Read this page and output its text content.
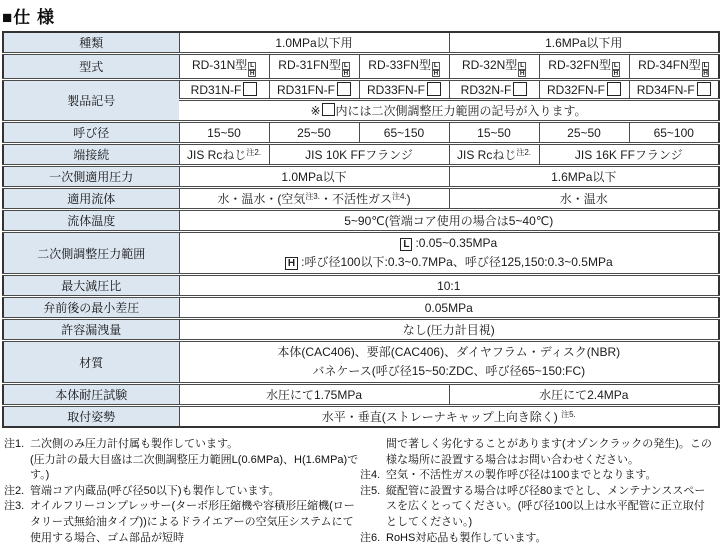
■仕 様
種類	1.0MPa以下用			1.6MPa以下用		
型式	RD-31N型 $\frac{L}{H}$	RD-31FN型 $\frac{L}{H}$	RD-33FN型 $\frac{L}{H}$	RD-32N型 $\frac{L}{H}$	RD-32FN型 $\frac{L}{H}$	RD-34FN型 $\frac{L}{H}$

製品記号	RD31N-F	RD31FN-F	RD33FN-F	RD32N-F	RD32FN-F	RD34FN-F
	※ 内には二次側調整圧力範囲の記号が入ります。					
呼び径	15~50	25~50	65~150	15~50	25~50	65~100
端接続	JIS Rcねじ$^{注2.}$	JIS 10K FFフランジ		JIS Rcねじ$^{注2.}$	JIS 16K FFフランジ	
一次側適用圧力	1.0MPa以下			1.6MPa以下		
適用流体	水・温水・(空気$^{注3.}$・不活性ガス$^{注4.}$)			水・温水		
流体温度	5~90℃(管端コア使用の場合は5~40℃)					
二次側調整圧力範囲	L :0.05~0.35MPa
H :呼び径100以下:0.3~0.7MPa、呼び径125,150:0.3~0.5MPa					

最大減圧比	10:1					
弁前後の最小差圧	0.05MPa					
許容漏洩量	なし(圧力計目視)					
材質	本体(CAC406)、要部(CAC406)、ダイヤフラム・ディスク(NBR)
バネケース(呼び径15~50:ZDC、呼び径65~150:FC)					

本体耐圧試験	水圧にて1.75MPa			水圧にて2.4MPa		
取付姿勢	水平・垂直(ストレーナキャップ上向き除く) $^{注5.}$
注1. 二次側のみ圧力計付属も製作しています。
(圧力計の最大目盛は二次側調整圧力範囲L(0.6MPa)、H(1.6MPa)です。)
注2. 管端コア内蔵品(呼び径50以下)も製作しています。
注3. オイルフリーコンプレッサー(ターボ形圧縮機や容積形圧縮機(ロータリー式無給油タイプ))によるドライエアーの空気圧システムにて使用する場合、ゴム部品が短時
間で著しく劣化することがあります(オゾンクラックの発生)。この様な場所に設置する場合はお問い合わせください。
注4. 空気・不活性ガスの製作呼び径は100までとなります。
注5. 縦配管に設置する場合は呼び径80までとし、メンテナンススペースを広くとってください。(呼び径100以上は水平配管に正立取付としてください。)
注6. RoHS対応品も製作しています。
